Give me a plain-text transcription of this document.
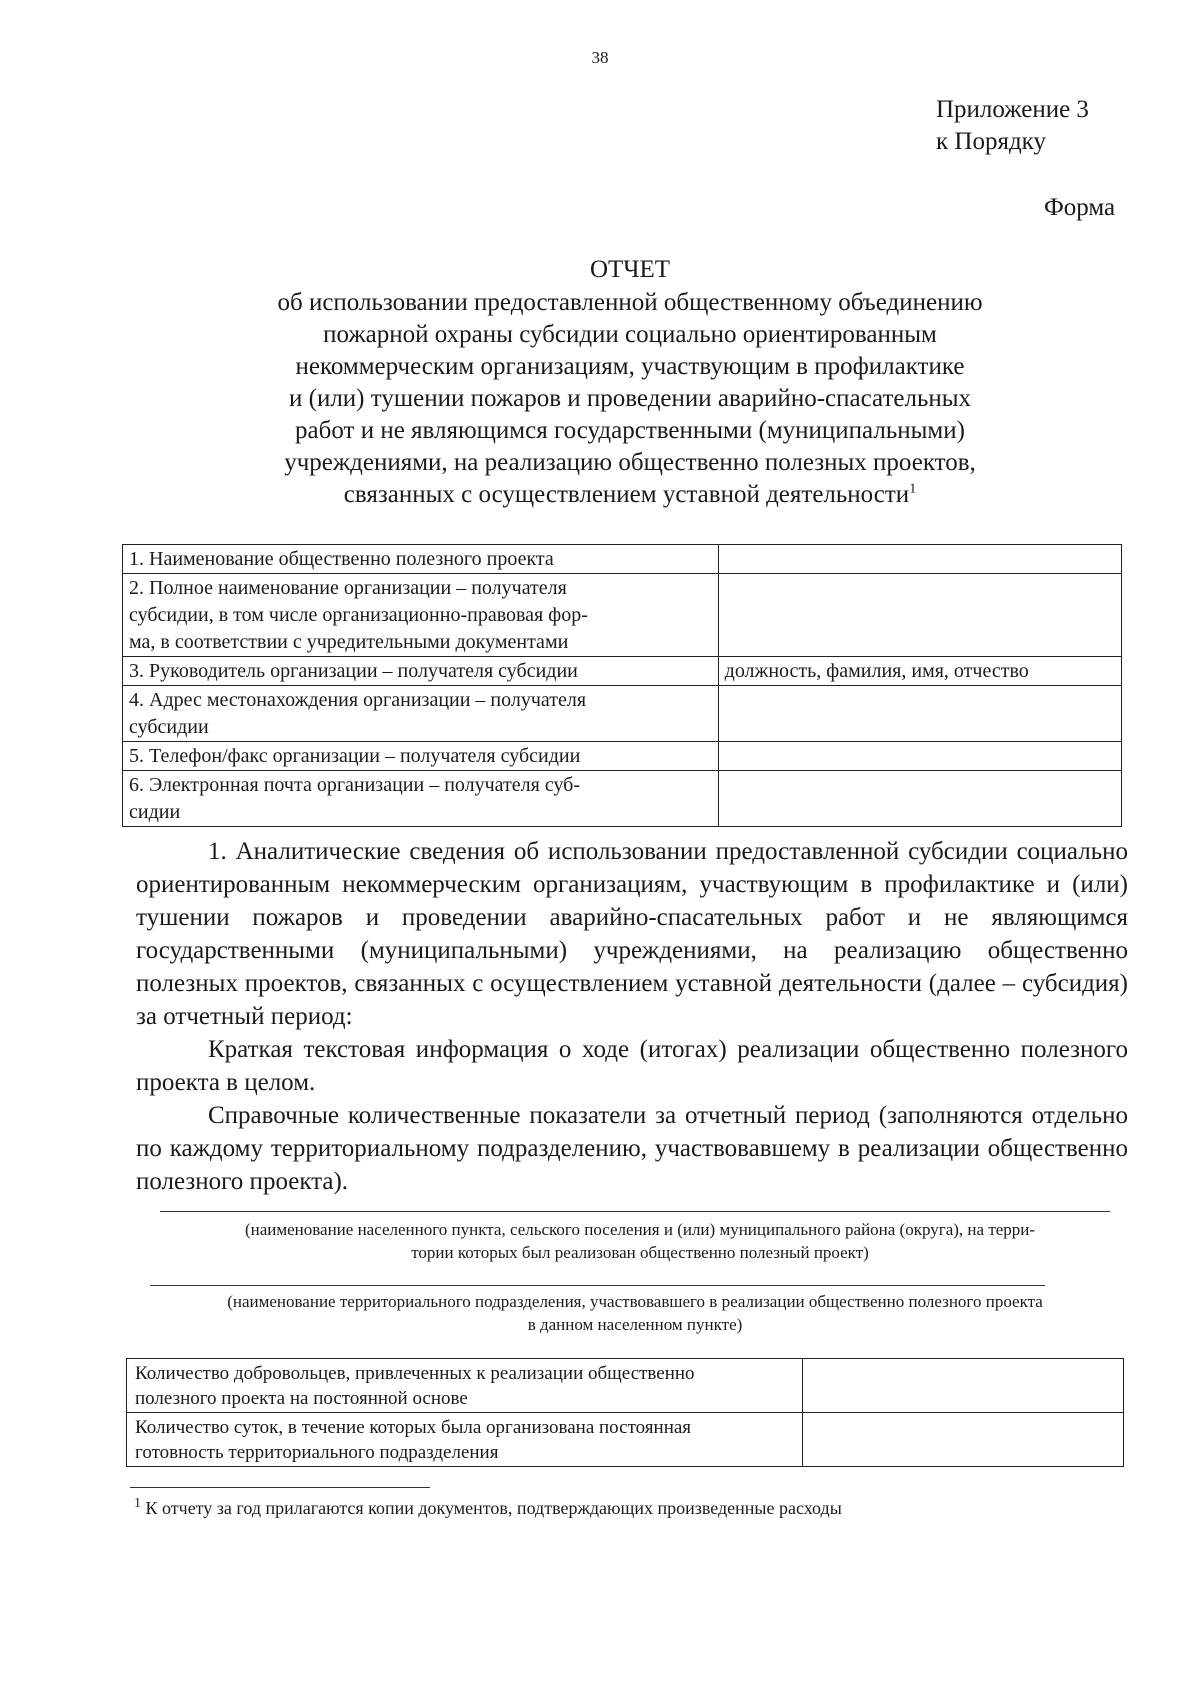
38
Приложение 3
к Порядку
Форма
ОТЧЕТ
об использовании предоставленной общественному объединению
пожарной охраны субсидии социально ориентированным
некоммерческим организациям, участвующим в профилактике
и (или) тушении пожаров и проведении аварийно-спасательных
работ и не являющимся государственными (муниципальными)
учреждениями, на реализацию общественно полезных проектов,
связанных с осуществлением уставной деятельности$^1$
1. Наименование общественно полезного проекта	

2. Полное наименование организации – получателя
субсидии, в том числе организационно-правовая фор-
ма, в соответствии с учредительными документами	

3. Руководитель организации – получателя субсидии	должность, фамилия, имя, отчество

4. Адрес местонахождения организации – получателя
субсидии	

5. Телефон/факс организации – получателя субсидии	

6. Электронная почта организации – получателя суб-
сидии	

1. Аналитические сведения об использовании предоставленной субсидии социально ориентированным некоммерческим организациям, участвующим в профилактике и (или) тушении пожаров и проведении аварийно-спасательных работ и не являющимся государственными (муниципальными) учреждениями, на реализацию общественно полезных проектов, связанных с осуществлением уставной деятельности (далее – субсидия) за отчетный период:

Краткая текстовая информация о ходе (итогах) реализации общественно полезного проекта в целом.

Справочные количественные показатели за отчетный период (заполняются отдельно по каждому территориальному подразделению, участвовавшему в реализации общественно полезного проекта).

(наименование населенного пункта, сельского поселения и (или) муниципального района (округа), на терри-
тории которых был реализован общественно полезный проект)
(наименование территориального подразделения, участвовавшего в реализации общественно полезного проекта
в данном населенном пункте)
Количество добровольцев, привлеченных к реализации общественно
полезного проекта на постоянной основе	

Количество суток, в течение которых была организована постоянная
готовность территориального подразделения	

$^1$ К отчету за год прилагаются копии документов, подтверждающих произведенные расходы
